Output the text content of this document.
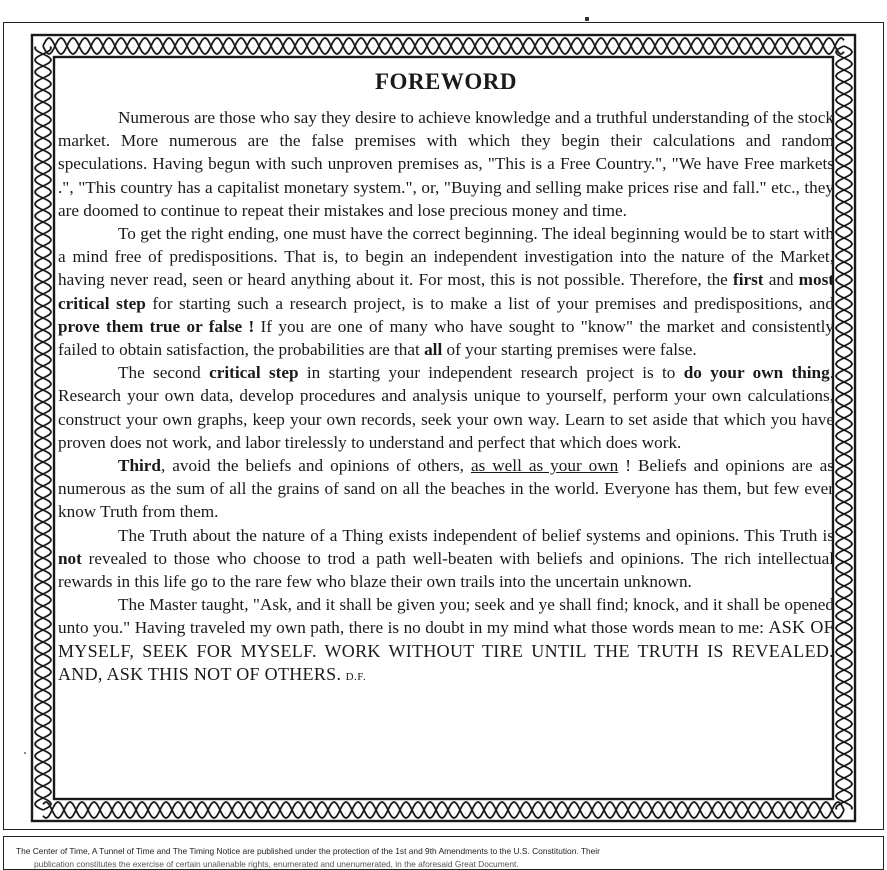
FOREWORD

Numerous are those who say they desire to achieve knowledge and a truthful understanding of the stock market. More numerous are the false premises with which they begin their calculations and random speculations. Having begun with such unproven premises as, "This is a Free Country.", "We have Free markets .", "This country has a capitalist monetary system.", or, "Buying and selling make prices rise and fall." etc., they are doomed to continue to repeat their mistakes and lose precious money and time.

To get the right ending, one must have the correct beginning. The ideal beginning would be to start with a mind free of predispositions. That is, to begin an independent investigation into the nature of the Market, having never read, seen or heard anything about it. For most, this is not possible. Therefore, the first and most critical step for starting such a research project, is to make a list of your premises and predispositions, and prove them true or false ! If you are one of many who have sought to "know" the market and consistently failed to obtain satisfaction, the probabilities are that all of your starting premises were false.

The second critical step in starting your independent research project is to do your own thing. Research your own data, develop procedures and analysis unique to yourself, perform your own calculations, construct your own graphs, keep your own records, seek your own way. Learn to set aside that which you have proven does not work, and labor tirelessly to understand and perfect that which does work.

Third, avoid the beliefs and opinions of others, as well as your own ! Beliefs and opinions are as numerous as the sum of all the grains of sand on all the beaches in the world. Everyone has them, but few ever know Truth from them.

The Truth about the nature of a Thing exists independent of belief systems and opinions. This Truth is not revealed to those who choose to trod a path well-beaten with beliefs and opinions. The rich intellectual rewards in this life go to the rare few who blaze their own trails into the uncertain unknown.

The Master taught, "Ask, and it shall be given you; seek and ye shall find; knock, and it shall be opened unto you." Having traveled my own path, there is no doubt in my mind what those words mean to me: ASK OF MYSELF, SEEK FOR MYSELF. WORK WITHOUT TIRE UNTIL THE TRUTH IS REVEALED. AND, ASK THIS NOT OF OTHERS. D.F.

The Center of Time, A Tunnel of Time and The Timing Notice are published under the protection of the 1st and 9th Amendments to the U.S. Constitution. Their
publication constitutes the exercise of certain unalienable rights, enumerated and unenumerated, in the aforesaid Great Document.
